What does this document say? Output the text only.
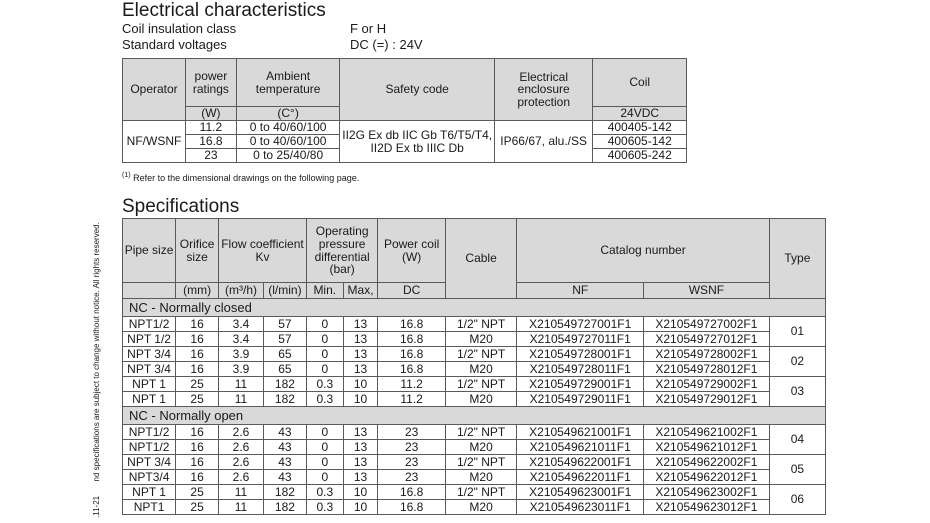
Electrical characteristics
Coil insulation class	F or H
Standard voltages	DC (=) : 24V
Operator	power ratings	Ambient temperature	Safety code	Electrical enclosure protection	Coil
	(W)	(C°)			24VDC
NF/WSNF	11.2	0 to 40/60/100	II2G Ex db IIC Gb T6/T5/T4, II2D Ex tb IIIC Db	IP66/67, alu./SS	400405-142
	16.8	0 to 40/60/100			400605-142
	23	0 to 25/40/80			400605-242
$^{(1)}$ Refer to the dimensional drawings on the following page.
Specifications
Pipe size	Orifice size	Flow coefficient Kv		Operating pressure differential (bar)		Power coil (W)	Cable	Catalog number		Type
	(mm)	(m³/h)	(l/min)	Min.	Max,	DC		NF	WSNF	
NC - Normally closed										
NPT1/2	16	3.4	57	0	13	16.8	1/2" NPT	X210549727001F1	X210549727002F1	01
NPT 1/2	16	3.4	57	0	13	16.8	M20	X210549727011F1	X210549727012F1	
NPT 3/4	16	3.9	65	0	13	16.8	1/2" NPT	X210549728001F1	X210549728002F1	02
NPT 3/4	16	3.9	65	0	13	16.8	M20	X210549728011F1	X210549728012F1	
NPT 1	25	11	182	0.3	10	11.2	1/2" NPT	X210549729001F1	X210549729002F1	03
NPT 1	25	11	182	0.3	10	11.2	M20	X210549729011F1	X210549729012F1	
NC - Normally open										
NPT1/2	16	2.6	43	0	13	23	1/2" NPT	X210549621001F1	X210549621002F1	04
NPT1/2	16	2.6	43	0	13	23	M20	X210549621011F1	X210549621012F1	
NPT 3/4	16	2.6	43	0	13	23	1/2" NPT	X210549622001F1	X210549622002F1	05
NPT3/4	16	2.6	43	0	13	23	M20	X210549622011F1	X210549622012F1	
NPT 1	25	11	182	0.3	10	16.8	1/2" NPT	X210549623001F1	X210549623002F1	06
NPT1	25	11	182	0.3	10	16.8	M20	X210549623011F1	X210549623012F1	
.11-21  nd specifications are subject to change without notice. All rights reserved.
